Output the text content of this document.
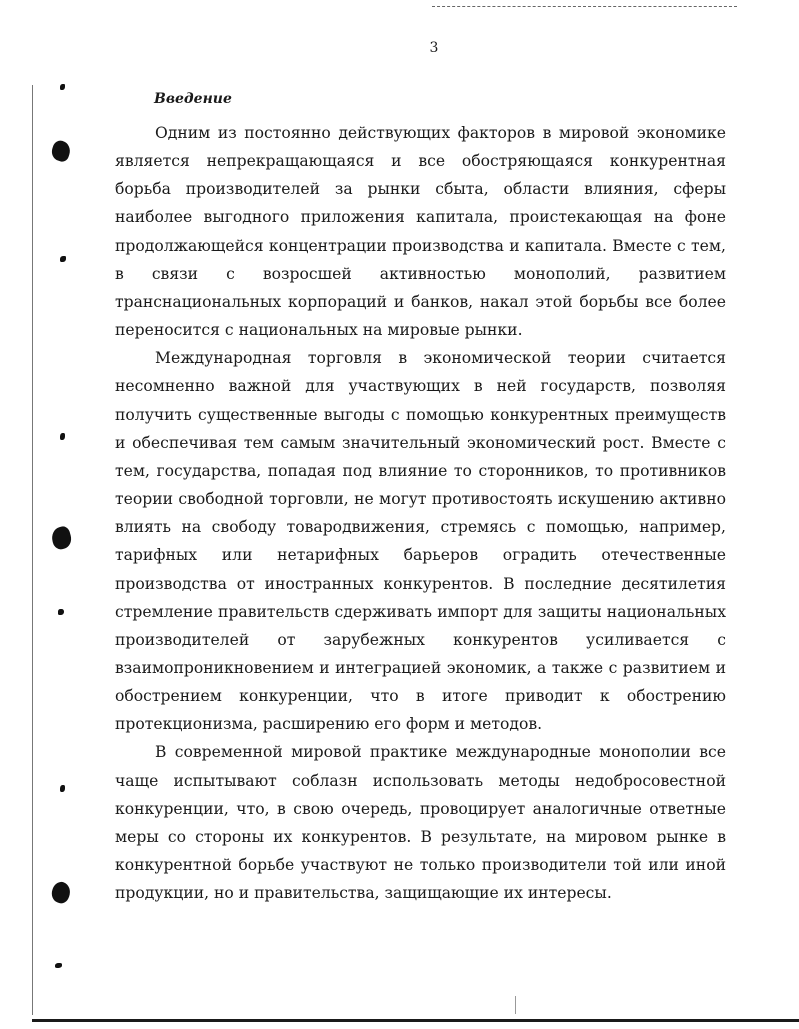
3
Введение

Одним из постоянно действующих факторов в мировой экономике является непрекращающаяся и все обостряющаяся конкурентная борьба производителей за рынки сбыта, области влияния, сферы наиболее выгодного приложения капитала, проистекающая на фоне продолжающейся концентрации производства и капитала. Вместе с тем, в связи с возросшей активностью монополий, развитием транснациональных корпораций и банков, накал этой борьбы все более переносится с национальных на мировые рынки.

Международная торговля в экономической теории считается несомненно важной для участвующих в ней государств, позволяя получить существенные выгоды с помощью конкурентных преимуществ и обеспечивая тем самым значительный экономический рост. Вместе с тем, государства, попадая под влияние то сторонников, то противников теории свободной торговли, не могут противостоять искушению активно влиять на свободу товародвижения, стремясь с помощью, например, тарифных или нетарифных барьеров оградить отечественные производства от иностранных конкурентов. В последние десятилетия стремление правительств сдерживать импорт для защиты национальных производителей от зарубежных конкурентов усиливается с взаимопроникновением и интеграцией экономик, а также с развитием и обострением конкуренции, что в итоге приводит к обострению протекционизма, расширению его форм и методов.

В современной мировой практике международные монополии все чаще испытывают соблазн использовать методы недобросовестной конкуренции, что, в свою очередь, провоцирует аналогичные ответные меры со стороны их конкурентов. В результате, на мировом рынке в конкурентной борьбе участвуют не только производители той или иной продукции, но и правительства, защищающие их интересы.
